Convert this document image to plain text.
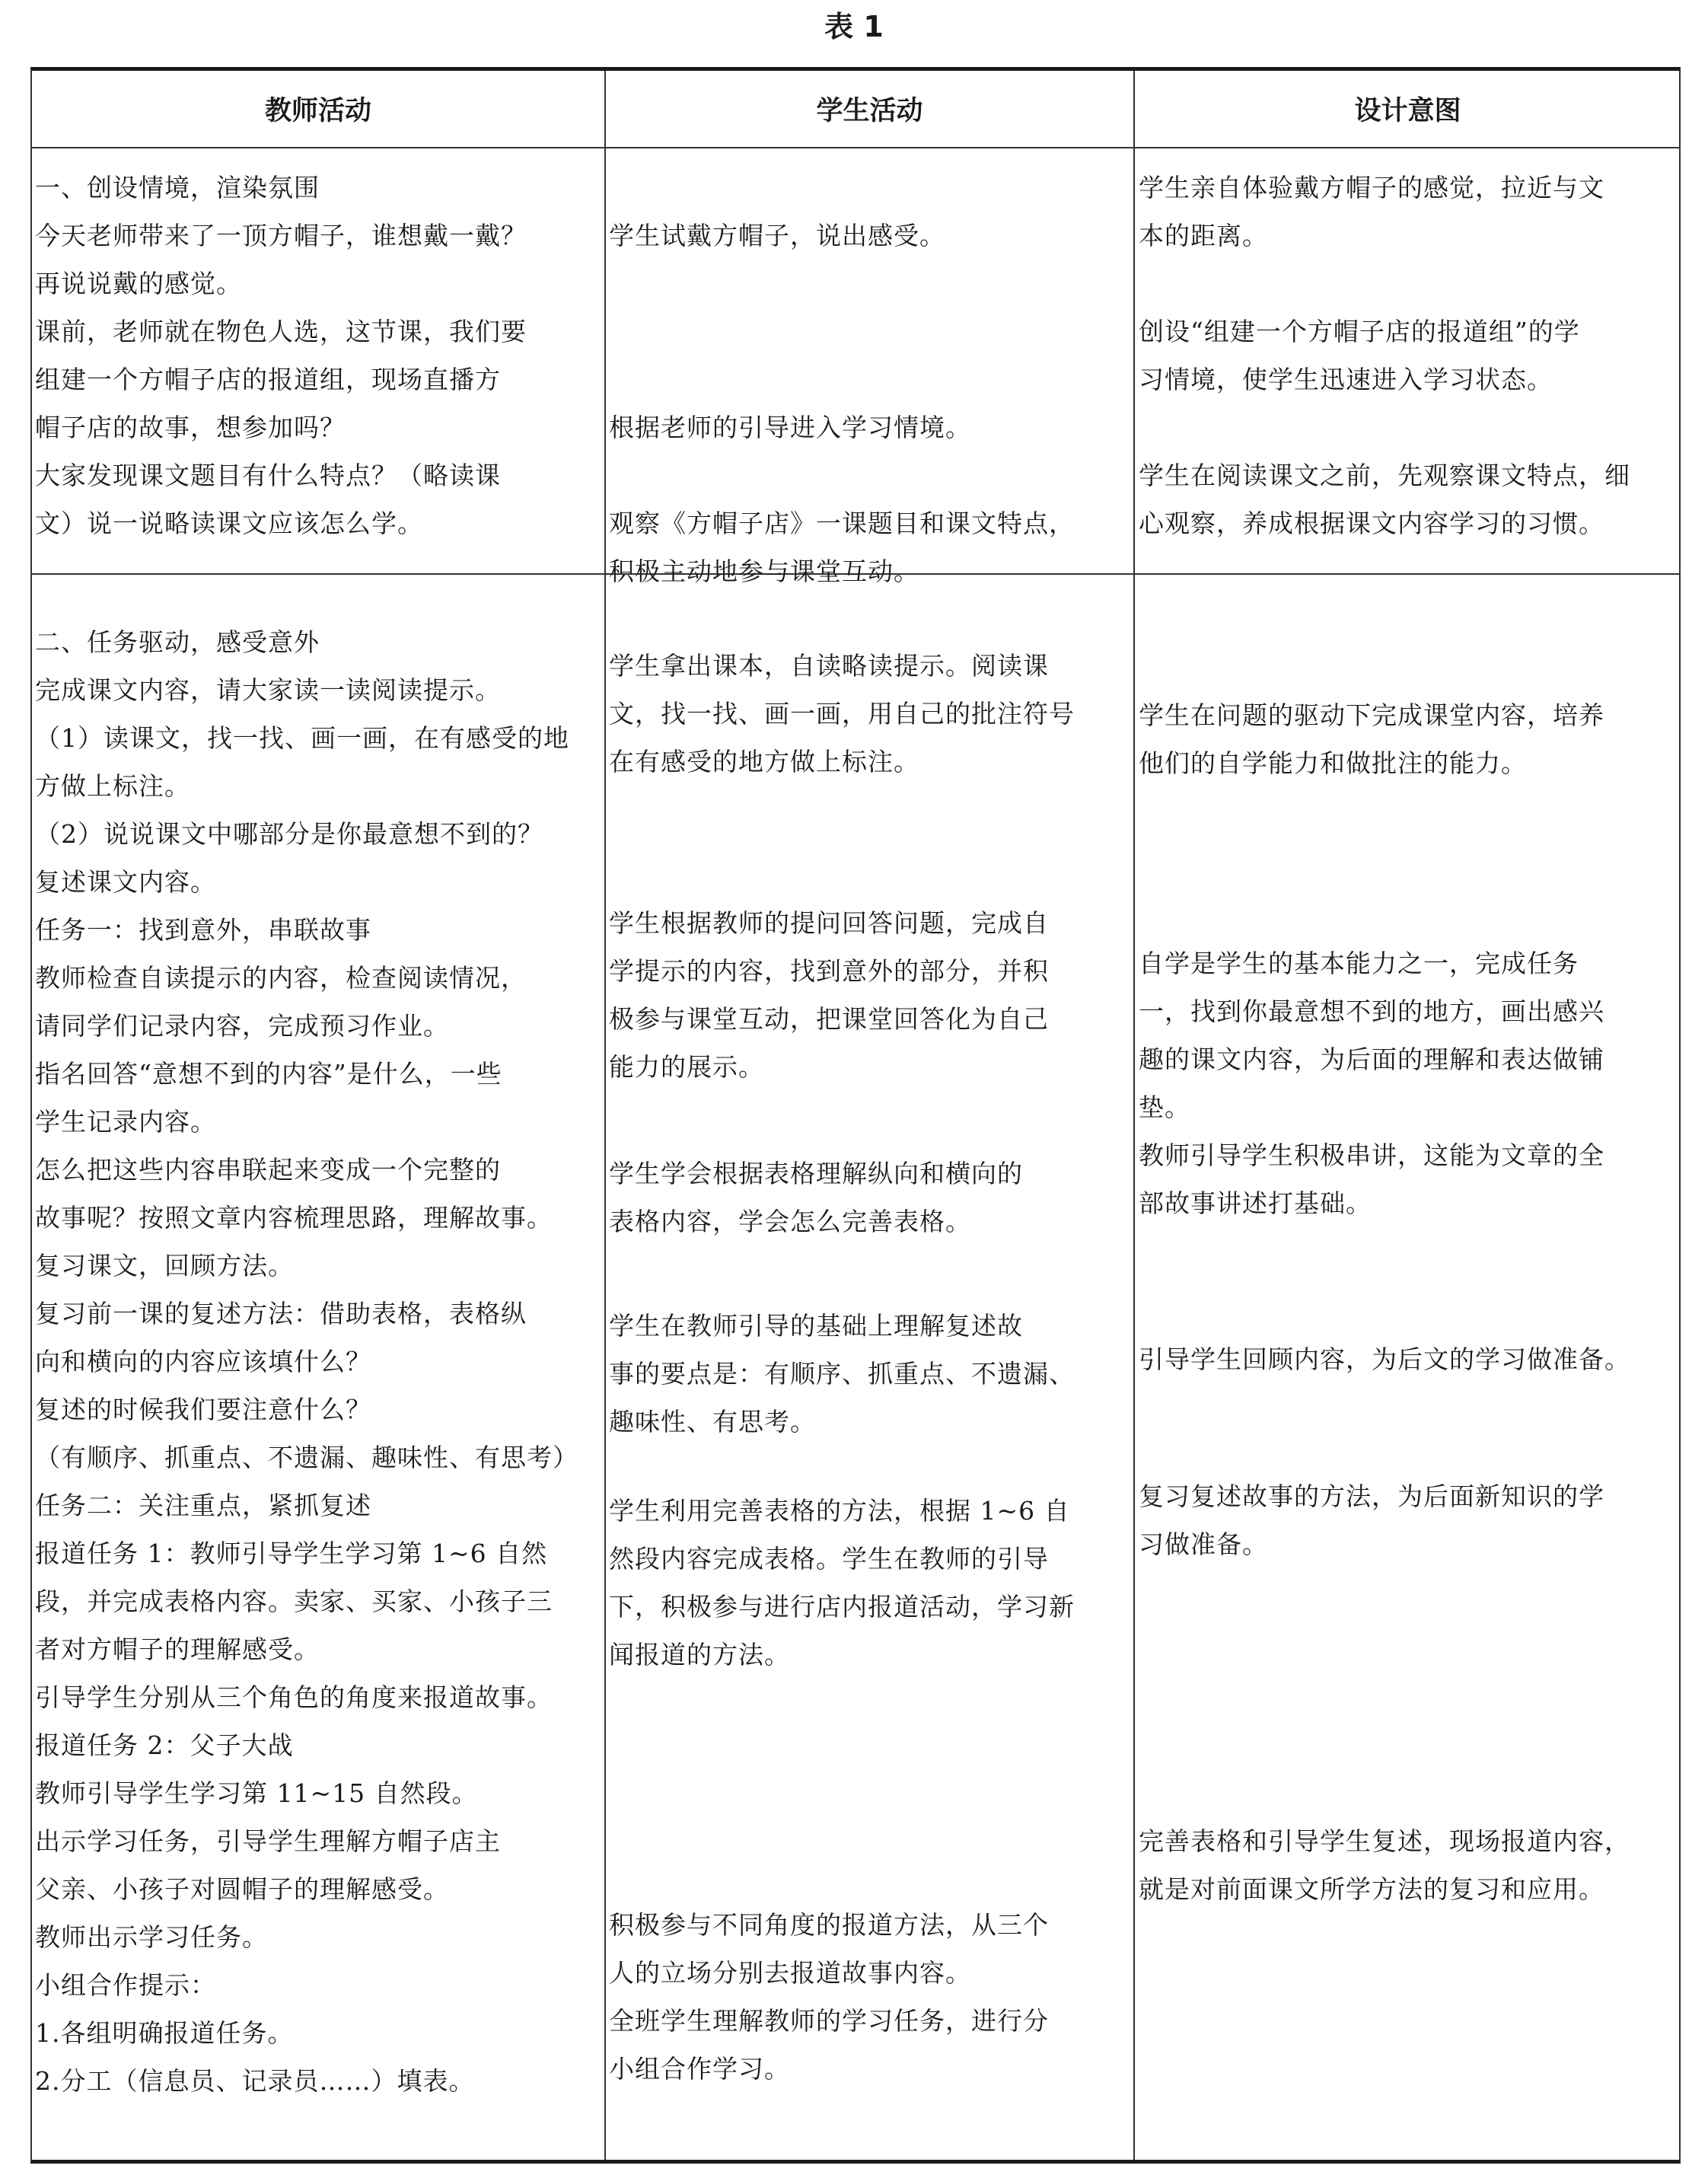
表 1
教师活动	学生活动	设计意图
一、创设情境，渲染氛围
今天老师带来了一顶方帽子，谁想戴一戴？
再说说戴的感觉。
课前，老师就在物色人选，这节课，我们要
组建一个方帽子店的报道组，现场直播方
帽子店的故事，想参加吗？
大家发现课文题目有什么特点？（略读课
文）说一说略读课文应该怎么学。
学生试戴方帽子，说出感受。
根据老师的引导进入学习情境。
观察《方帽子店》一课题目和课文特点，
积极主动地参与课堂互动。
学生亲自体验戴方帽子的感觉，拉近与文
本的距离。
创设“组建一个方帽子店的报道组”的学
习情境，使学生迅速进入学习状态。
学生在阅读课文之前，先观察课文特点，细
心观察，养成根据课文内容学习的习惯。
二、任务驱动，感受意外
完成课文内容，请大家读一读阅读提示。
（1）读课文，找一找、画一画，在有感受的地
方做上标注。
（2）说说课文中哪部分是你最意想不到的？
复述课文内容。
任务一：找到意外，串联故事
教师检查自读提示的内容，检查阅读情况，
请同学们记录内容，完成预习作业。
指名回答“意想不到的内容”是什么，一些
学生记录内容。
怎么把这些内容串联起来变成一个完整的
故事呢？按照文章内容梳理思路，理解故事。
复习课文，回顾方法。
复习前一课的复述方法：借助表格，表格纵
向和横向的内容应该填什么？
复述的时候我们要注意什么？
（有顺序、抓重点、不遗漏、趣味性、有思考）
任务二：关注重点，紧抓复述
报道任务 1：教师引导学生学习第 1~6 自然
段，并完成表格内容。卖家、买家、小孩子三
者对方帽子的理解感受。
引导学生分别从三个角色的角度来报道故事。
报道任务 2：父子大战
教师引导学生学习第 11~15 自然段。
出示学习任务，引导学生理解方帽子店主
父亲、小孩子对圆帽子的理解感受。
教师出示学习任务。
小组合作提示：
1.各组明确报道任务。
2.分工（信息员、记录员……）填表。
学生拿出课本，自读略读提示。阅读课
文，找一找、画一画，用自己的批注符号
在有感受的地方做上标注。
学生根据教师的提问回答问题，完成自
学提示的内容，找到意外的部分，并积
极参与课堂互动，把课堂回答化为自己
能力的展示。
学生学会根据表格理解纵向和横向的
表格内容，学会怎么完善表格。
学生在教师引导的基础上理解复述故
事的要点是：有顺序、抓重点、不遗漏、
趣味性、有思考。
学生利用完善表格的方法，根据 1~6 自
然段内容完成表格。学生在教师的引导
下，积极参与进行店内报道活动，学习新
闻报道的方法。
积极参与不同角度的报道方法，从三个
人的立场分别去报道故事内容。
全班学生理解教师的学习任务，进行分
小组合作学习。
学生在问题的驱动下完成课堂内容，培养
他们的自学能力和做批注的能力。
自学是学生的基本能力之一，完成任务
一，找到你最意想不到的地方，画出感兴
趣的课文内容，为后面的理解和表达做铺
垫。
教师引导学生积极串讲，这能为文章的全
部故事讲述打基础。
引导学生回顾内容，为后文的学习做准备。
复习复述故事的方法，为后面新知识的学
习做准备。
完善表格和引导学生复述，现场报道内容，
就是对前面课文所学方法的复习和应用。
